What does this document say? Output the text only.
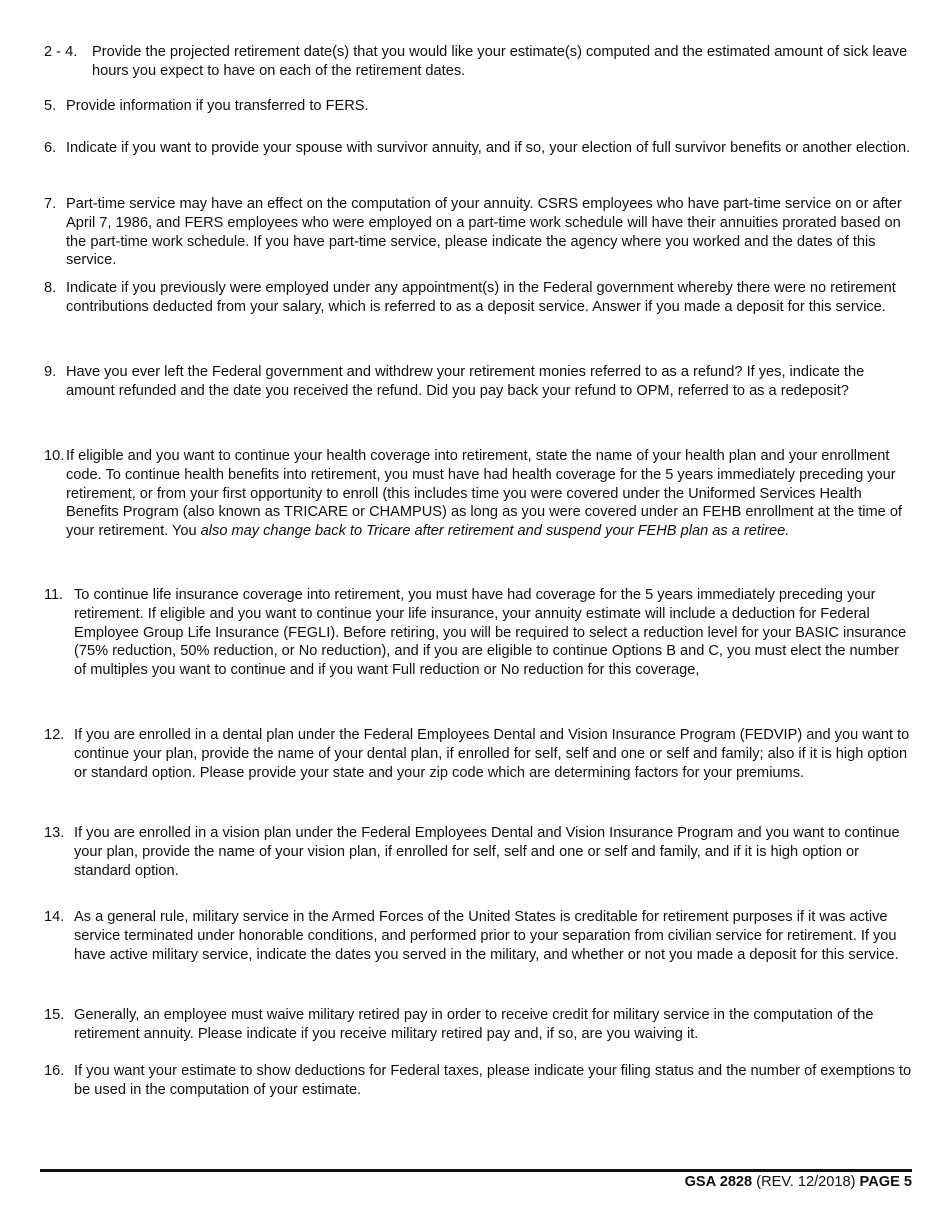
2 - 4.	Provide the projected retirement date(s) that you would like your estimate(s) computed and the estimated amount of sick leave hours you expect to have on each of the retirement dates.
5. Provide information if you transferred to FERS.
6. Indicate if you want to provide your spouse with survivor annuity, and if so, your election of full survivor benefits or another election.
7. Part-time service may have an effect on the computation of your annuity. CSRS employees who have part-time service on or after April 7, 1986, and FERS employees who were employed on a part-time work schedule will have their annuities prorated based on the part-time work schedule. If you have part-time service, please indicate the agency where you worked and the dates of this service.
8. Indicate if you previously were employed under any appointment(s) in the Federal government whereby there were no retirement contributions deducted from your salary, which is referred to as a deposit service. Answer if you made a deposit for this service.
9. Have you ever left the Federal government and withdrew your retirement monies referred to as a refund? If yes, indicate the amount refunded and the date you received the refund. Did you pay back your refund to OPM, referred to as a redeposit?
10. If eligible and you want to continue your health coverage into retirement, state the name of your health plan and your enrollment code. To continue health benefits into retirement, you must have had health coverage for the 5 years immediately preceding your retirement, or from your first opportunity to enroll (this includes time you were covered under the Uniformed Services Health Benefits Program (also known as TRICARE or CHAMPUS) as long as you were covered under an FEHB enrollment at the time of your retirement. You also may change back to Tricare after retirement and suspend your FEHB plan as a retiree.
11. To continue life insurance coverage into retirement, you must have had coverage for the 5 years immediately preceding your retirement. If eligible and you want to continue your life insurance, your annuity estimate will include a deduction for Federal Employee Group Life Insurance (FEGLI). Before retiring, you will be required to select a reduction level for your BASIC insurance (75% reduction, 50% reduction, or No reduction), and if you are eligible to continue Options B and C, you must elect the number of multiples you want to continue and if you want Full reduction or No reduction for this coverage,
12. If you are enrolled in a dental plan under the Federal Employees Dental and Vision Insurance Program (FEDVIP) and you want to continue your plan, provide the name of your dental plan, if enrolled for self, self and one or self and family; also if it is high option or standard option. Please provide your state and your zip code which are determining factors for your premiums.
13. If you are enrolled in a vision plan under the Federal Employees Dental and Vision Insurance Program and you want to continue your plan, provide the name of your vision plan, if enrolled for self, self and one or self and family, and if it is high option or standard option.
14. As a general rule, military service in the Armed Forces of the United States is creditable for retirement purposes if it was active service terminated under honorable conditions, and performed prior to your separation from civilian service for retirement. If you have active military service, indicate the dates you served in the military, and whether or not you made a deposit for this service.
15. Generally, an employee must waive military retired pay in order to receive credit for military service in the computation of the retirement annuity. Please indicate if you receive military retired pay and, if so, are you waiving it.
16. If you want your estimate to show deductions for Federal taxes, please indicate your filing status and the number of exemptions to be used in the computation of your estimate.
GSA 2828 (REV. 12/2018) PAGE 5
